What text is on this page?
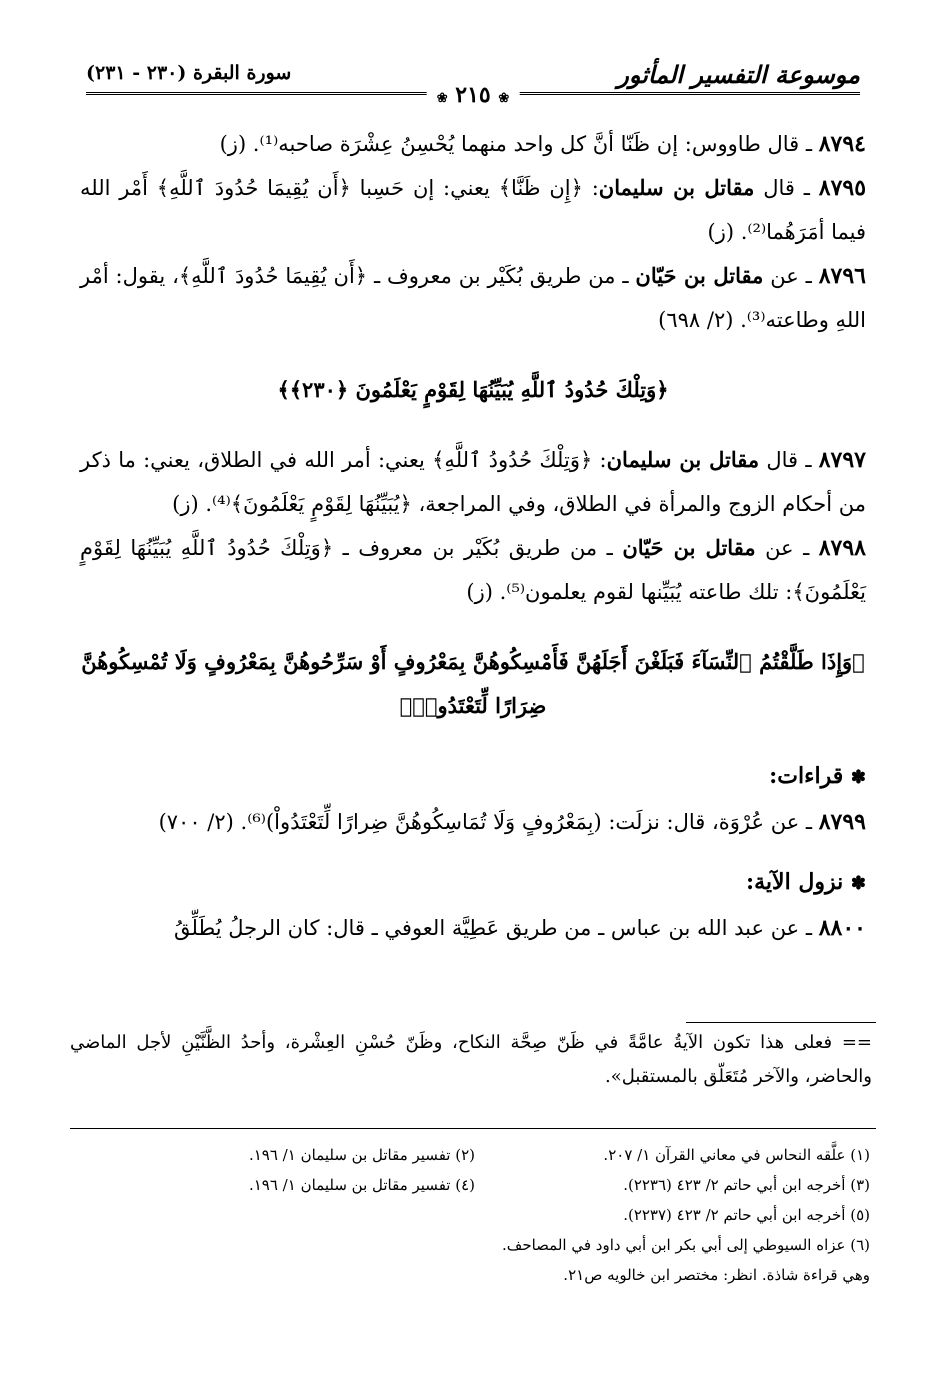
موسوعة التفسير المأثور
سورة البقرة (٢٣٠ - ٢٣١)
❀ ٢١٥ ❀

٨٧٩٤ ـ قال طاووس: إن ظَنّا أنَّ كل واحد منهما يُحْسِنُ عِشْرَة صاحبه⁽¹⁾. (ز)

٨٧٩٥ ـ قال مقاتل بن سليمان: ﴿إِن ظَنَّا﴾ يعني: إن حَسِبا ﴿أَن يُقِيمَا حُدُودَ ٱللَّهِ﴾ أَمْر الله فيما أمَرَهُما⁽²⁾. (ز)

٨٧٩٦ ـ عن مقاتل بن حَيّان ـ من طريق بُكَيْر بن معروف ـ ﴿أَن يُقِيمَا حُدُودَ ٱللَّهِ﴾، يقول: أمْر اللهِ وطاعته⁽³⁾. (٢/ ٦٩٨)

﴿وَتِلْكَ حُدُودُ ٱللَّهِ يُبَيِّنُهَا لِقَوْمٍ يَعْلَمُونَ ﴿٢٣٠﴾﴾

٨٧٩٧ ـ قال مقاتل بن سليمان: ﴿وَتِلْكَ حُدُودُ ٱللَّهِ﴾ يعني: أمر الله في الطلاق، يعني: ما ذكر من أحكام الزوج والمرأة في الطلاق، وفي المراجعة، ﴿يُبَيِّنُهَا لِقَوْمٍ يَعْلَمُونَ﴾⁽⁴⁾. (ز)

٨٧٩٨ ـ عن مقاتل بن حَيّان ـ من طريق بُكَيْر بن معروف ـ ﴿وَتِلْكَ حُدُودُ ٱللَّهِ يُبَيِّنُهَا لِقَوْمٍ يَعْلَمُونَ﴾: تلك طاعته يُبَيِّنها لقوم يعلمون⁽⁵⁾. (ز)

﴿وَإِذَا طَلَّقْتُمُ ٱلنِّسَآءَ فَبَلَغْنَ أَجَلَهُنَّ فَأَمْسِكُوهُنَّ بِمَعْرُوفٍ أَوْ سَرِّحُوهُنَّ بِمَعْرُوفٍ وَلَا تُمْسِكُوهُنَّ ضِرَارًا لِّتَعْتَدُوا۟﴾
✽ قراءات:

٨٧٩٩ ـ عن عُرْوَة، قال: نزلَت: (بِمَعْرُوفٍ وَلَا تُمَاسِكُوهُنَّ ضِرارًا لِّتَعْتَدُواْ)⁽⁶⁾. (٢/ ٧٠٠)

✽ نزول الآية:

٨٨٠٠ ـ عن عبد الله بن عباس ـ من طريق عَطِيَّة العوفي ـ قال: كان الرجلُ يُطَلِّقُ

== فعلى هذا تكون الآيةُ عامَّةً في ظَنّ صِحَّة النكاح، وظَنّ حُسْنِ العِشْرة، وأحدُ الظَّنَّيْنِ لأجل الماضي والحاضر، والآخر مُتَعَلّق بالمستقبل».
(١) علَّقه النحاس في معاني القرآن ١/ ٢٠٧.
(٢) تفسير مقاتل بن سليمان ١/ ١٩٦.
(٣) أخرجه ابن أبي حاتم ٢/ ٤٢٣ (٢٢٣٦).
(٤) تفسير مقاتل بن سليمان ١/ ١٩٦.
(٥) أخرجه ابن أبي حاتم ٢/ ٤٢٣ (٢٢٣٧).
(٦) عزاه السيوطي إلى أبي بكر ابن أبي داود في المصاحف.
وهي قراءة شاذة. انظر: مختصر ابن خالويه ص٢١.
